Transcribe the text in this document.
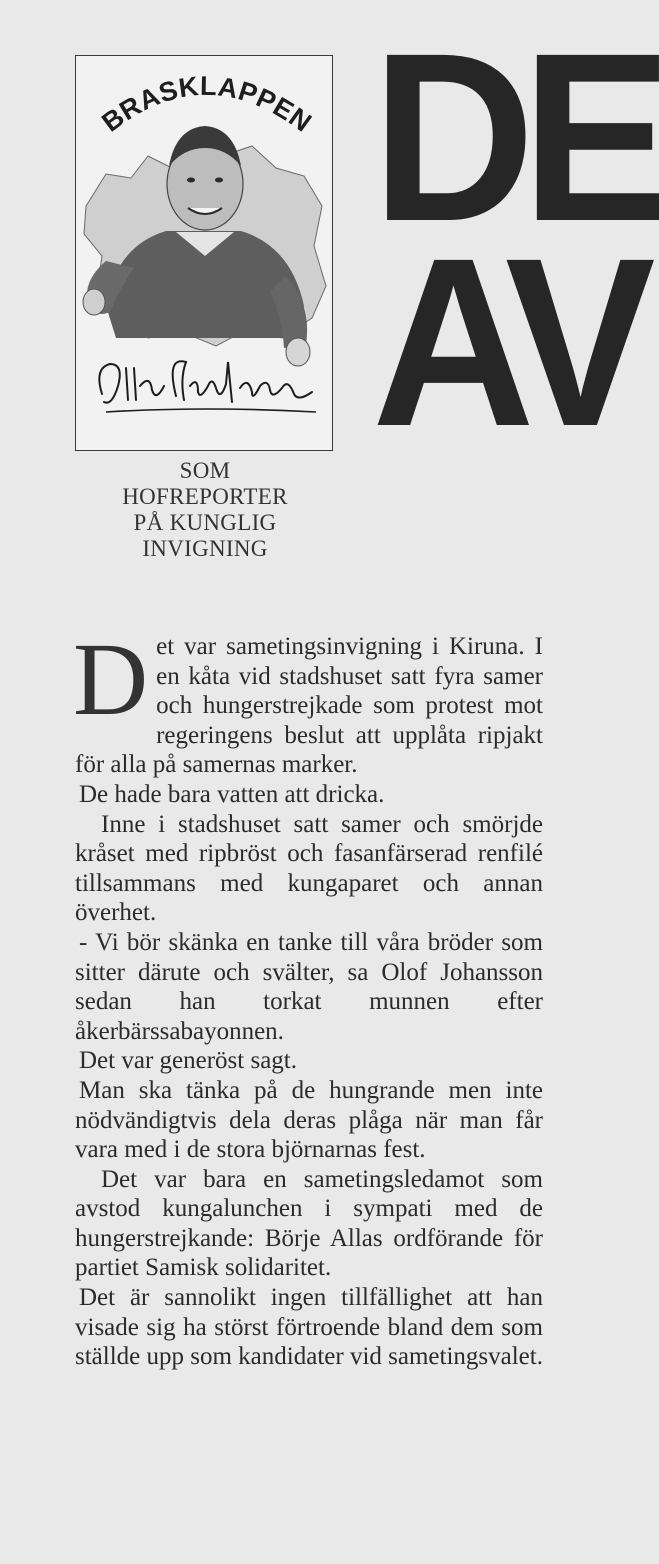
BRASKLAPPEN
Olle Andersson
DE
AV
SOM
HOFREPORTER
PÅ KUNGLIG
INVIGNING

Det var sametingsinvigning i Kiruna. I en kåta vid stadshuset satt fyra samer och hungerstrejkade som protest mot regeringens beslut att upplåta ripjakt för alla på samernas marker.

De hade bara vatten att dricka.

Inne i stadshuset satt samer och smörjde kråset med ripbröst och fasanfärserad renfilé tillsammans med kungaparet och annan överhet.

- Vi bör skänka en tanke till våra bröder som sitter därute och svälter, sa Olof Johansson sedan han torkat munnen efter åkerbärssabayonnen.

Det var generöst sagt.

Man ska tänka på de hungrande men inte nödvändigtvis dela deras plåga när man får vara med i de stora björnarnas fest.

Det var bara en sametingsledamot som avstod kungalunchen i sympati med de hungerstrejkande: Börje Allas ordförande för partiet Samisk solidaritet.

Det är sannolikt ingen tillfällighet att han visade sig ha störst förtroende bland dem som ställde upp som kandidater vid sametingsvalet.
